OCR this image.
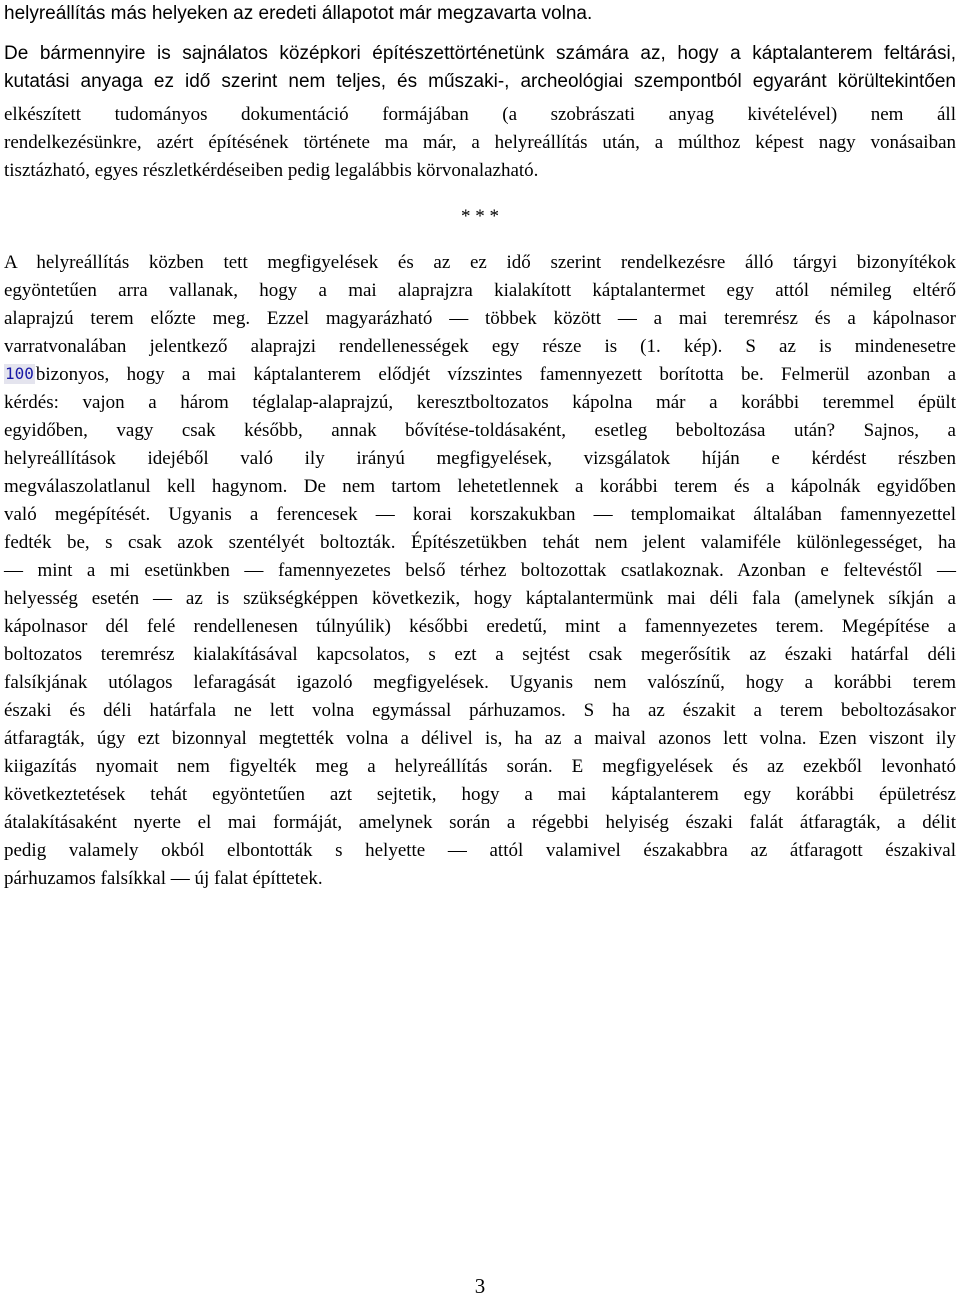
helyreállítás más helyeken az eredeti állapotot már megzavarta volna.
De bármennyire is sajnálatos középkori építészettörténetünk számára az, hogy a káptalanterem feltárási,
kutatási anyaga ez idő szerint nem teljes, és műszaki-, archeológiai szempontból egyaránt körültekintően
elkészített tudományos dokumentáció formájában (a szobrászati anyag kivételével) nem áll
rendelkezésünkre, azért építésének története ma már, a helyreállítás után, a múlthoz képest nagy vonásaiban
tisztázható, egyes részletkérdéseiben pedig legalábbis körvonalazható.
* * *
A helyreállítás közben tett megfigyelések és az ez idő szerint rendelkezésre álló tárgyi bizonyítékok
egyöntetűen arra vallanak, hogy a mai alaprajzra kialakított káptalantermet egy attól némileg eltérő
alaprajzú terem előzte meg. Ezzel magyarázható — többek között — a mai teremrész és a kápolnasor
varratvonalában jelentkező alaprajzi rendellenességek egy része is (1. kép). S az is mindenesetre
100 bizonyos, hogy a mai káptalanterem elődjét vízszintes famennyezett borította be. Felmerül azonban a
kérdés: vajon a három téglalap-alaprajzú, keresztboltozatos kápolna már a korábbi teremmel épült
egyidőben, vagy csak később, annak bővítése-toldásaként, esetleg beboltozása után? Sajnos, a
helyreállítások idejéből való ily irányú megfigyelések, vizsgálatok híján e kérdést részben
megválaszolatlanul kell hagynom. De nem tartom lehetetlennek a korábbi terem és a kápolnák egyidőben
való megépítését. Ugyanis a ferencesek — korai korszakukban — templomaikat általában famennyezettel
fedték be, s csak azok szentélyét boltozták. Építészetükben tehát nem jelent valamiféle különlegességet, ha
— mint a mi esetünkben — famennyezetes belső térhez boltozottak csatlakoznak. Azonban e feltevéstől —
helyesség esetén — az is szükségképpen következik, hogy káptalantermünk mai déli fala (amelynek síkján a
kápolnasor dél felé rendellenesen túlnyúlik) későbbi eredetű, mint a famennyezetes terem. Megépítése a
boltozatos teremrész kialakításával kapcsolatos, s ezt a sejtést csak megerősítik az északi határfal déli
falsíkjának utólagos lefaragását igazoló megfigyelések. Ugyanis nem valószínű, hogy a korábbi terem
északi és déli határfala ne lett volna egymással párhuzamos. S ha az északit a terem beboltozásakor
átfaragták, úgy ezt bizonnyal megtették volna a délivel is, ha az a maival azonos lett volna. Ezen viszont ily
kiigazítás nyomait nem figyelték meg a helyreállítás során. E megfigyelések és az ezekből levonható
következtetések tehát egyöntetűen azt sejtetik, hogy a mai káptalanterem egy korábbi épületrész
átalakításaként nyerte el mai formáját, amelynek során a régebbi helyiség északi falát átfaragták, a délit
pedig valamely okból elbontották s helyette — attól valamivel északabbra az átfaragott északival
párhuzamos falsíkkal — új falat építtetek.
3
